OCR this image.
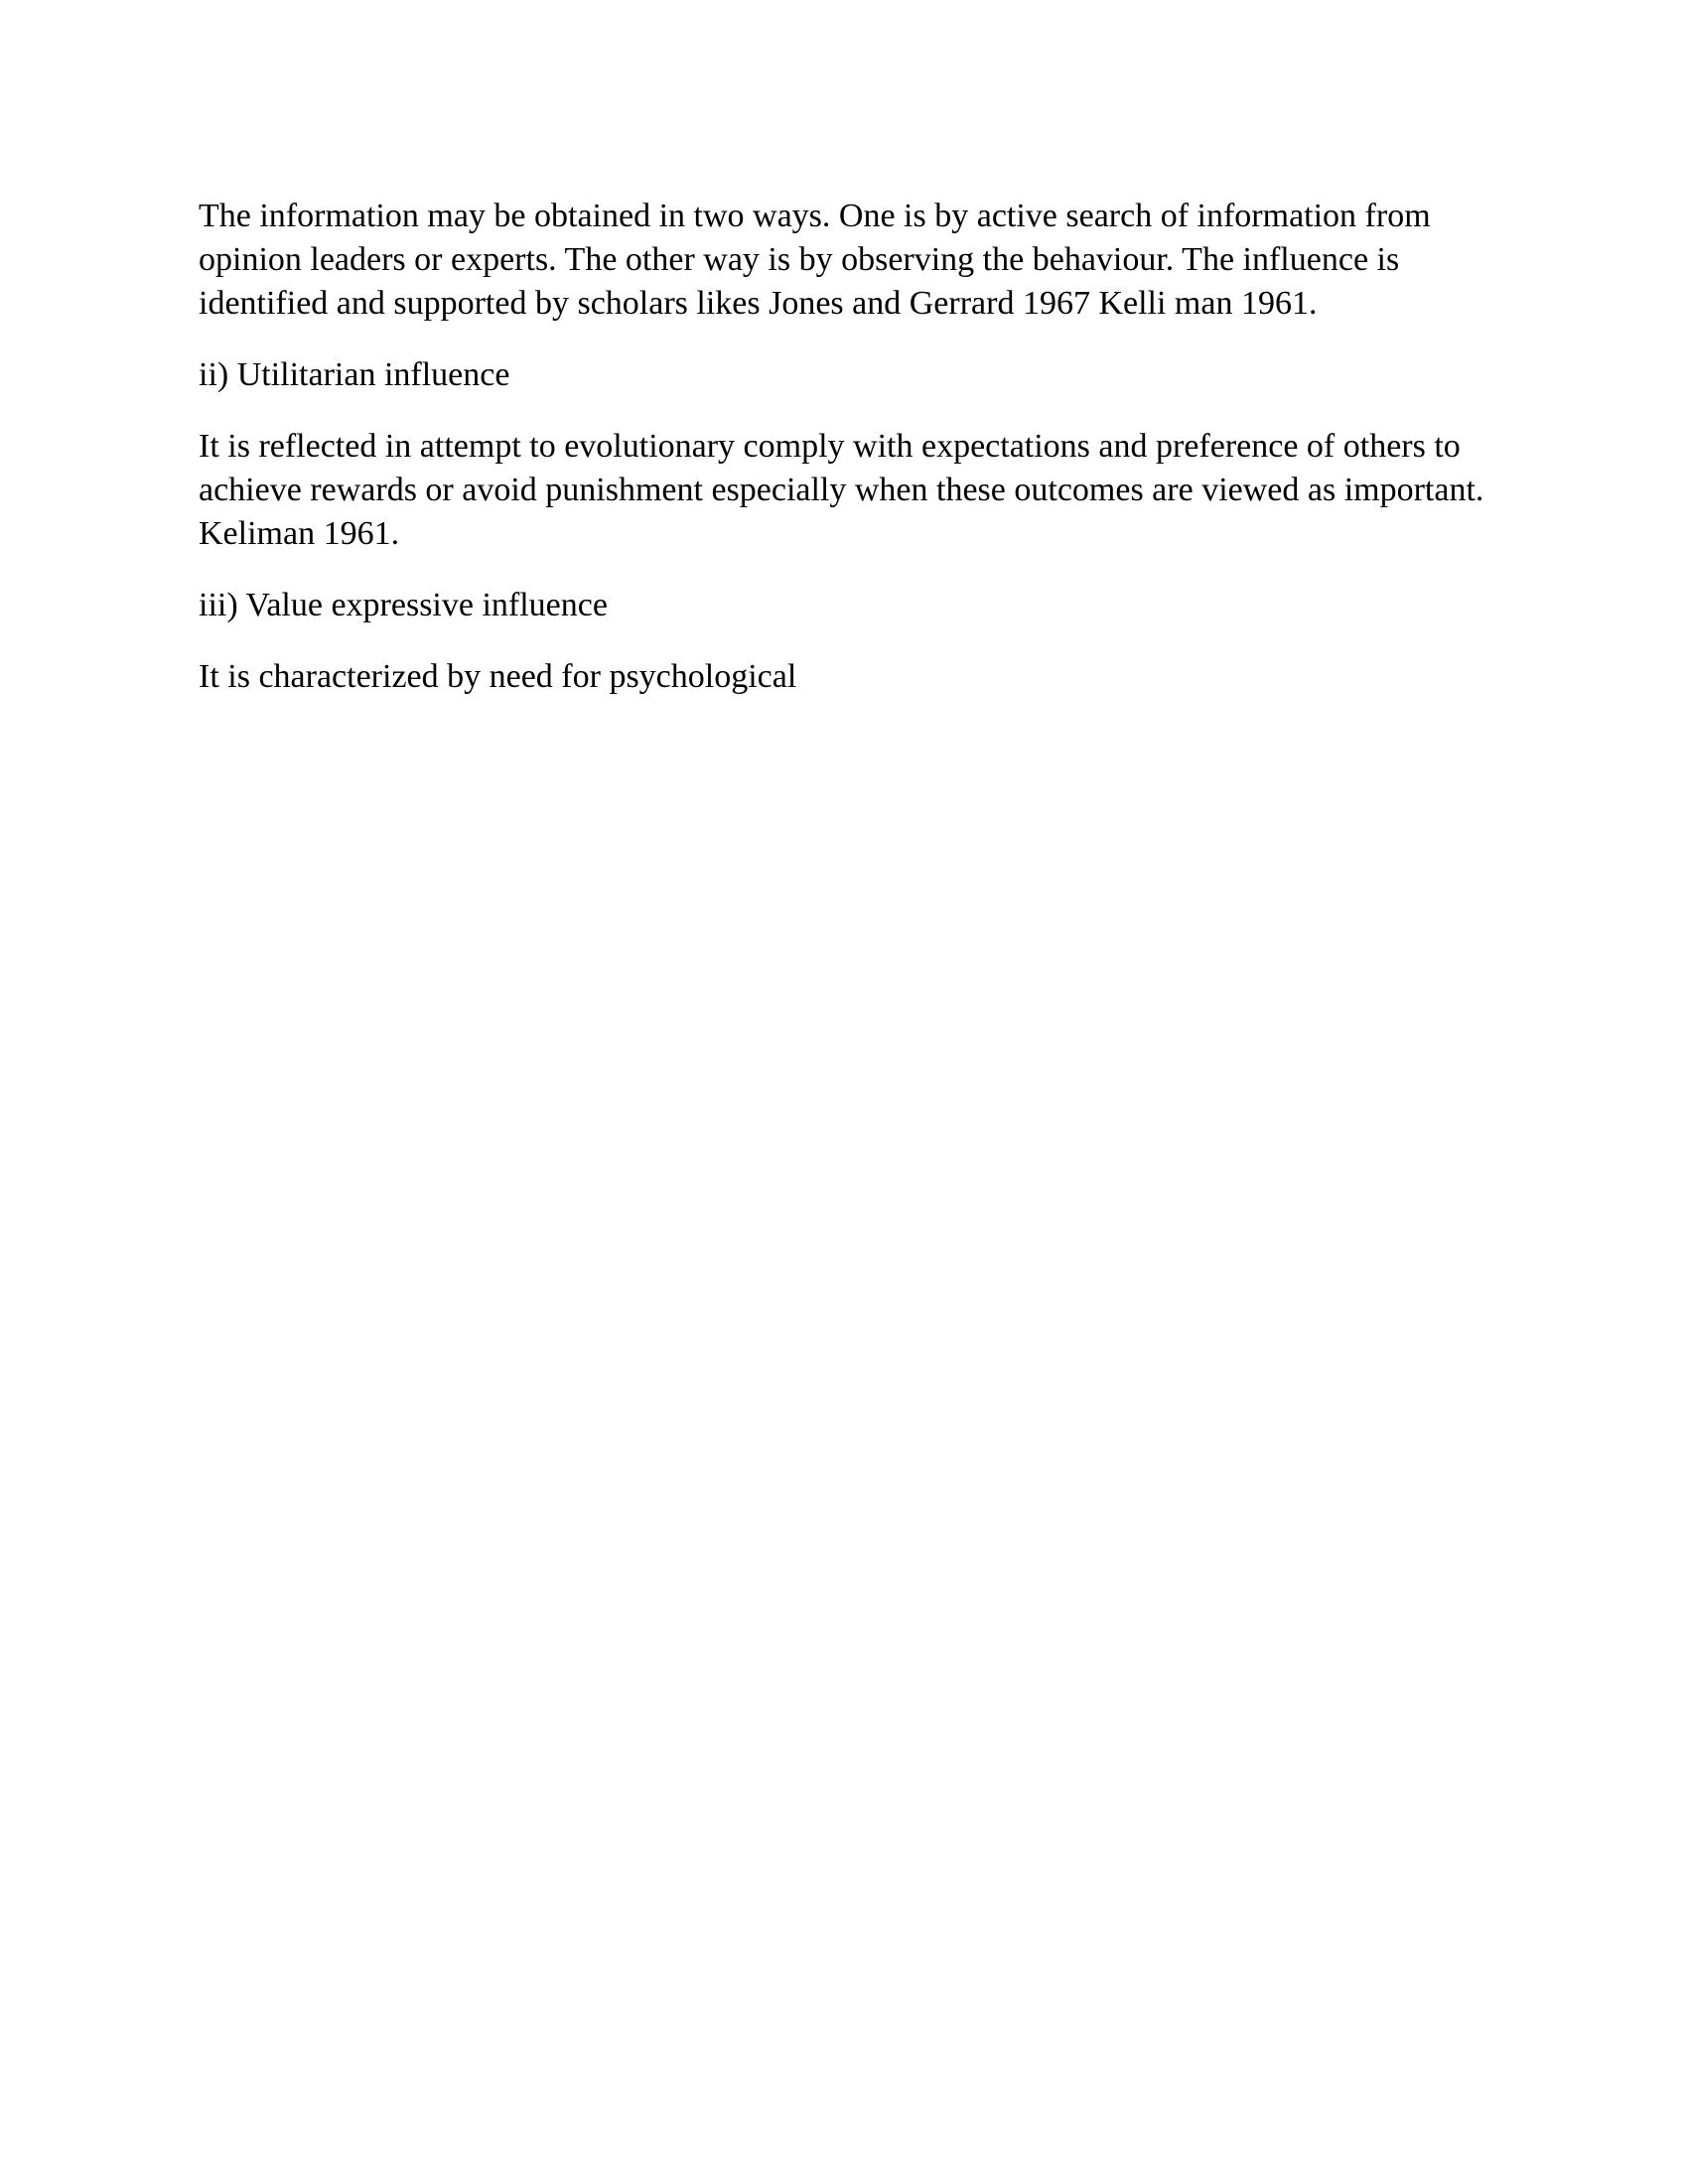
The information may be obtained in two ways. One is by active search of information from
opinion leaders or experts. The other way is by observing the behaviour. The influence is
identified and supported by scholars likes Jones and Gerrard 1967 Kelli man 1961.

ii) Utilitarian influence

It is reflected in attempt to evolutionary comply with expectations and preference of others to
achieve rewards or avoid punishment especially when these outcomes are viewed as important.
Keliman 1961.

iii) Value expressive influence

It is characterized by need for psychological
